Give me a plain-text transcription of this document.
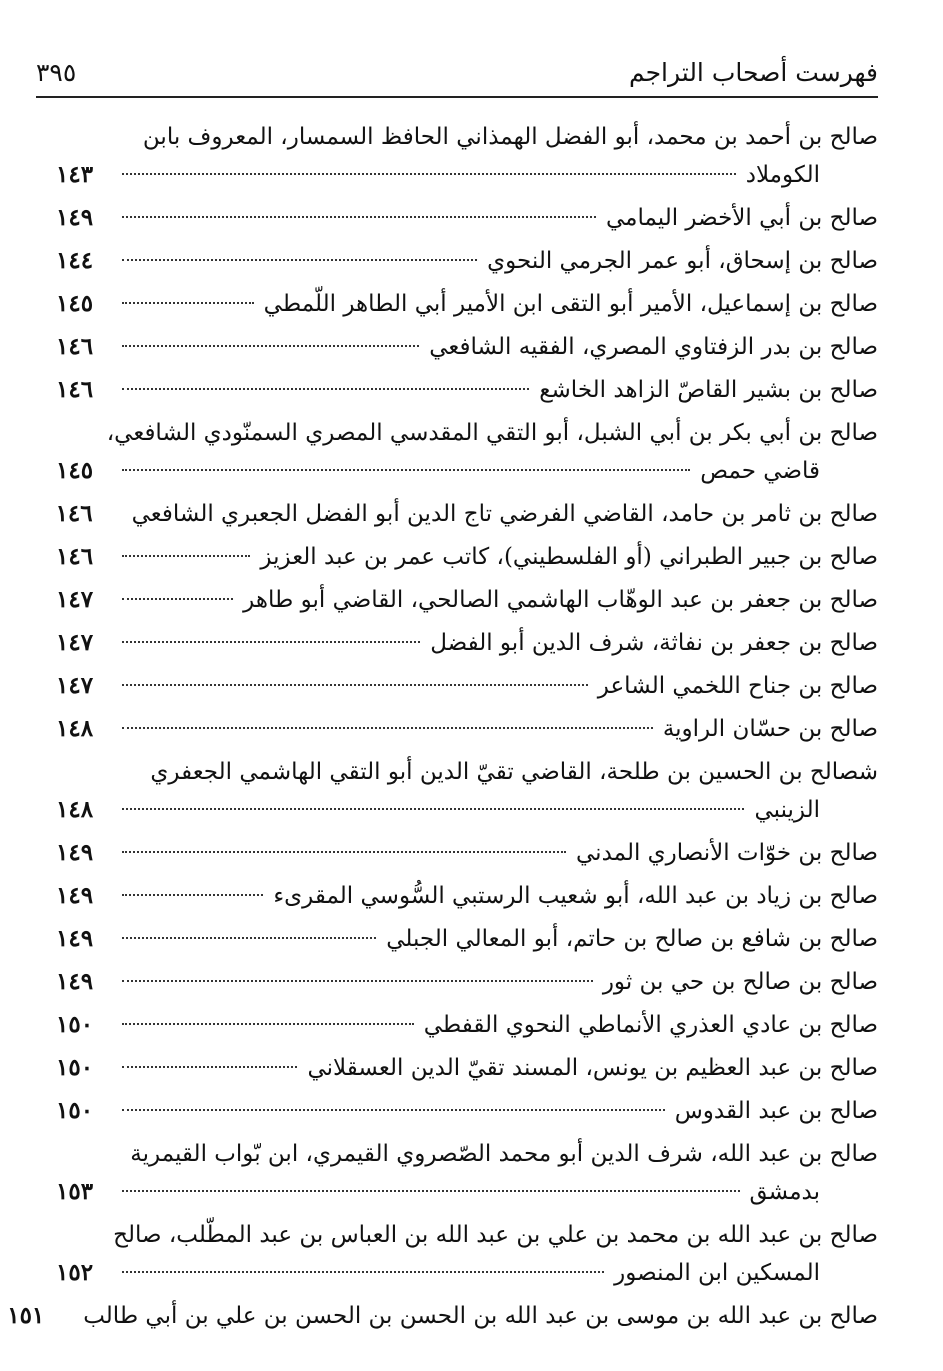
فهرست أصحاب التراجم
٣٩٥
صالح بن أحمد بن محمد، أبو الفضل الهمذاني الحافظ السمسار، المعروف بابن
الكوملاد
١٤٣
صالح بن أبي الأخضر اليمامي
١٤٩
صالح بن إسحاق، أبو عمر الجرمي النحوي
١٤٤
صالح بن إسماعيل، الأمير أبو التقى ابن الأمير أبي الطاهر اللّمطي
١٤٥
صالح بن بدر الزفتاوي المصري، الفقيه الشافعي
١٤٦
صالح بن بشير القاصّ الزاهد الخاشع
١٤٦
صالح بن أبي بكر بن أبي الشبل، أبو التقي المقدسي المصري السمنّودي الشافعي،
قاضي حمص
١٤٥
صالح بن ثامر بن حامد، القاضي الفرضي تاج الدين أبو الفضل الجعبري الشافعي
١٤٦
صالح بن جبير الطبراني (أو الفلسطيني)، كاتب عمر بن عبد العزيز
١٤٦
صالح بن جعفر بن عبد الوهّاب الهاشمي الصالحي، القاضي أبو طاهر
١٤٧
صالح بن جعفر بن نفاثة، شرف الدين أبو الفضل
١٤٧
صالح بن جناح اللخمي الشاعر
١٤٧
صالح بن حسّان الراوية
١٤٨
شصالح بن الحسين بن طلحة، القاضي تقيّ الدين أبو التقي الهاشمي الجعفري
الزينبي
١٤٨
صالح بن خوّات الأنصاري المدني
١٤٩
صالح بن زياد بن عبد الله، أبو شعيب الرستبي السُّوسي المقرىء
١٤٩
صالح بن شافع بن صالح بن حاتم، أبو المعالي الجبلي
١٤٩
صالح بن صالح بن حي بن ثور
١٤٩
صالح بن عادي العذري الأنماطي النحوي القفطي
١٥٠
صالح بن عبد العظيم بن يونس، المسند تقيّ الدين العسقلاني
١٥٠
صالح بن عبد القدوس
١٥٠
صالح بن عبد الله، شرف الدين أبو محمد الصّصروي القيمري، ابن بّواب القيمرية
بدمشق
١٥٣
صالح بن عبد الله بن محمد بن علي بن عبد الله بن العباس بن عبد المطّلب، صالح
المسكين ابن المنصور
١٥٢
صالح بن عبد الله بن موسى بن عبد الله بن الحسن بن الحسن بن علي بن أبي طالب
١٥١
